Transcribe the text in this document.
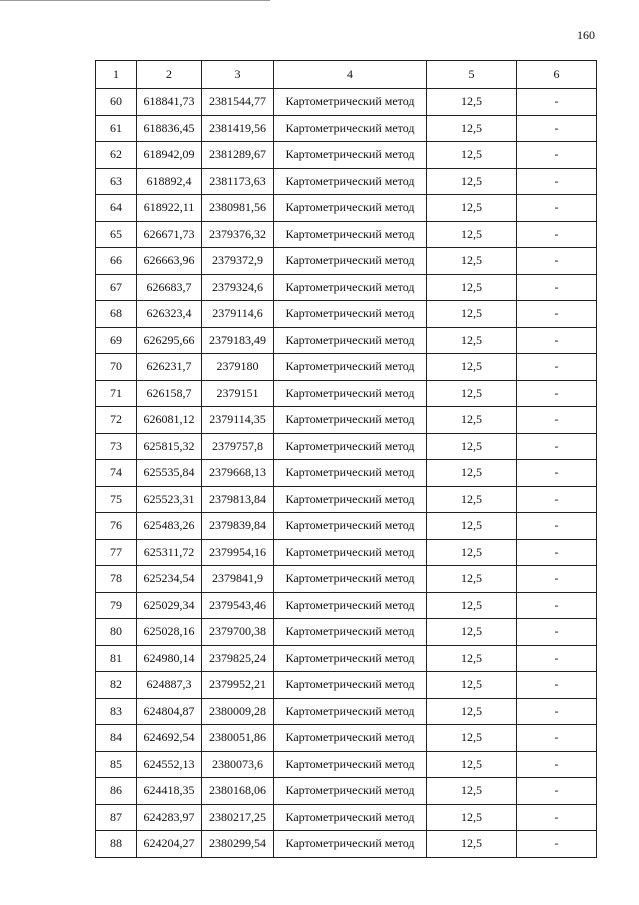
160
1	2	3	4	5	6
60	618841,73	2381544,77	Картометрический метод	12,5	-
61	618836,45	2381419,56	Картометрический метод	12,5	-
62	618942,09	2381289,67	Картометрический метод	12,5	-
63	618892,4	2381173,63	Картометрический метод	12,5	-
64	618922,11	2380981,56	Картометрический метод	12,5	-
65	626671,73	2379376,32	Картометрический метод	12,5	-
66	626663,96	2379372,9	Картометрический метод	12,5	-
67	626683,7	2379324,6	Картометрический метод	12,5	-
68	626323,4	2379114,6	Картометрический метод	12,5	-
69	626295,66	2379183,49	Картометрический метод	12,5	-
70	626231,7	2379180	Картометрический метод	12,5	-
71	626158,7	2379151	Картометрический метод	12,5	-
72	626081,12	2379114,35	Картометрический метод	12,5	-
73	625815,32	2379757,8	Картометрический метод	12,5	-
74	625535,84	2379668,13	Картометрический метод	12,5	-
75	625523,31	2379813,84	Картометрический метод	12,5	-
76	625483,26	2379839,84	Картометрический метод	12,5	-
77	625311,72	2379954,16	Картометрический метод	12,5	-
78	625234,54	2379841,9	Картометрический метод	12,5	-
79	625029,34	2379543,46	Картометрический метод	12,5	-
80	625028,16	2379700,38	Картометрический метод	12,5	-
81	624980,14	2379825,24	Картометрический метод	12,5	-
82	624887,3	2379952,21	Картометрический метод	12,5	-
83	624804,87	2380009,28	Картометрический метод	12,5	-
84	624692,54	2380051,86	Картометрический метод	12,5	-
85	624552,13	2380073,6	Картометрический метод	12,5	-
86	624418,35	2380168,06	Картометрический метод	12,5	-
87	624283,97	2380217,25	Картометрический метод	12,5	-
88	624204,27	2380299,54	Картометрический метод	12,5	-
